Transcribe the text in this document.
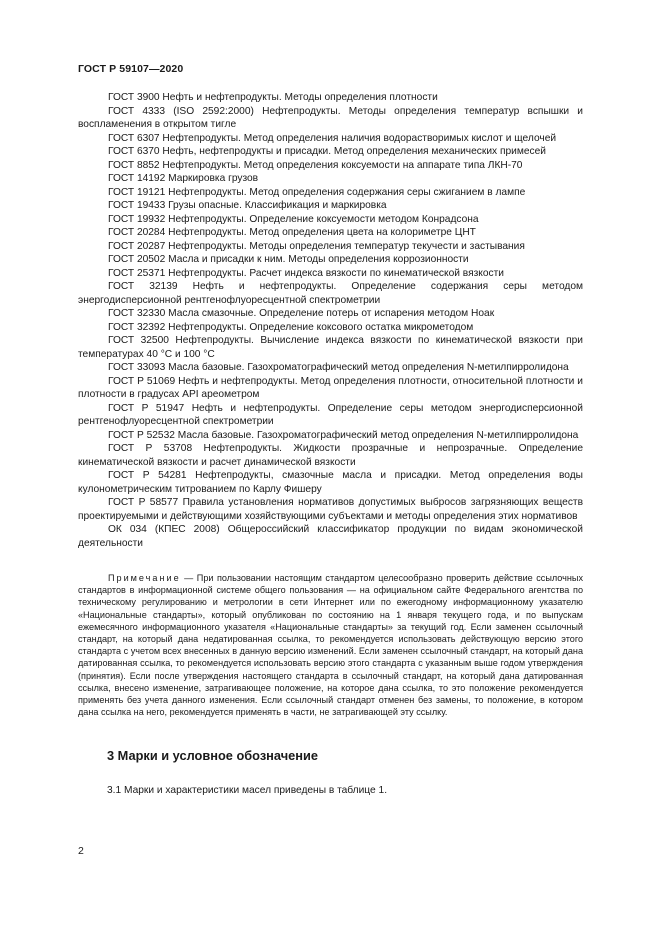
ГОСТ Р 59107—2020

ГОСТ 3900 Нефть и нефтепродукты. Методы определения плотности

ГОСТ 4333 (ISO 2592:2000) Нефтепродукты. Методы определения температур вспышки и воспламенения в открытом тигле

ГОСТ 6307 Нефтепродукты. Метод определения наличия водорастворимых кислот и щелочей

ГОСТ 6370 Нефть, нефтепродукты и присадки. Метод определения механических примесей

ГОСТ 8852 Нефтепродукты. Метод определения коксуемости на аппарате типа ЛКН-70

ГОСТ 14192 Маркировка грузов

ГОСТ 19121 Нефтепродукты. Метод определения содержания серы сжиганием в лампе

ГОСТ 19433 Грузы опасные. Классификация и маркировка

ГОСТ 19932 Нефтепродукты. Определение коксуемости методом Конрадсона

ГОСТ 20284 Нефтепродукты. Метод определения цвета на колориметре ЦНТ

ГОСТ 20287 Нефтепродукты. Методы определения температур текучести и застывания

ГОСТ 20502 Масла и присадки к ним. Методы определения коррозионности

ГОСТ 25371 Нефтепродукты. Расчет индекса вязкости по кинематической вязкости

ГОСТ 32139 Нефть и нефтепродукты. Определение содержания серы методом энергодисперсионной рентгенофлуоресцентной спектрометрии

ГОСТ 32330 Масла смазочные. Определение потерь от испарения методом Ноак

ГОСТ 32392 Нефтепродукты. Определение коксового остатка микрометодом

ГОСТ 32500 Нефтепродукты. Вычисление индекса вязкости по кинематической вязкости при температурах 40 °С и 100 °С

ГОСТ 33093 Масла базовые. Газохроматографический метод определения N-метилпирролидона

ГОСТ Р 51069 Нефть и нефтепродукты. Метод определения плотности, относительной плотности и плотности в градусах API ареометром

ГОСТ Р 51947 Нефть и нефтепродукты. Определение серы методом энергодисперсионной рентгенофлуоресцентной спектрометрии

ГОСТ Р 52532 Масла базовые. Газохроматографический метод определения N-метилпирролидона

ГОСТ Р 53708 Нефтепродукты. Жидкости прозрачные и непрозрачные. Определение кинематической вязкости и расчет динамической вязкости

ГОСТ Р 54281 Нефтепродукты, смазочные масла и присадки. Метод определения воды кулонометрическим титрованием по Карлу Фишеру

ГОСТ Р 58577 Правила установления нормативов допустимых выбросов загрязняющих веществ проектируемыми и действующими хозяйствующими субъектами и методы определения этих нормативов

ОК 034 (КПЕС 2008) Общероссийский классификатор продукции по видам экономической деятельности

Примечание — При пользовании настоящим стандартом целесообразно проверить действие ссылочных стандартов в информационной системе общего пользования — на официальном сайте Федерального агентства по техническому регулированию и метрологии в сети Интернет или по ежегодному информационному указателю «Национальные стандарты», который опубликован по состоянию на 1 января текущего года, и по выпускам ежемесячного информационного указателя «Национальные стандарты» за текущий год. Если заменен ссылочный стандарт, на который дана недатированная ссылка, то рекомендуется использовать действующую версию этого стандарта с учетом всех внесенных в данную версию изменений. Если заменен ссылочный стандарт, на который дана датированная ссылка, то рекомендуется использовать версию этого стандарта с указанным выше годом утверждения (принятия). Если после утверждения настоящего стандарта в ссылочный стандарт, на который дана датированная ссылка, внесено изменение, затрагивающее положение, на которое дана ссылка, то это положение рекомендуется применять без учета данного изменения. Если ссылочный стандарт отменен без замены, то положение, в котором дана ссылка на него, рекомендуется применять в части, не затрагивающей эту ссылку.

3 Марки и условное обозначение
3.1 Марки и характеристики масел приведены в таблице 1.
2
